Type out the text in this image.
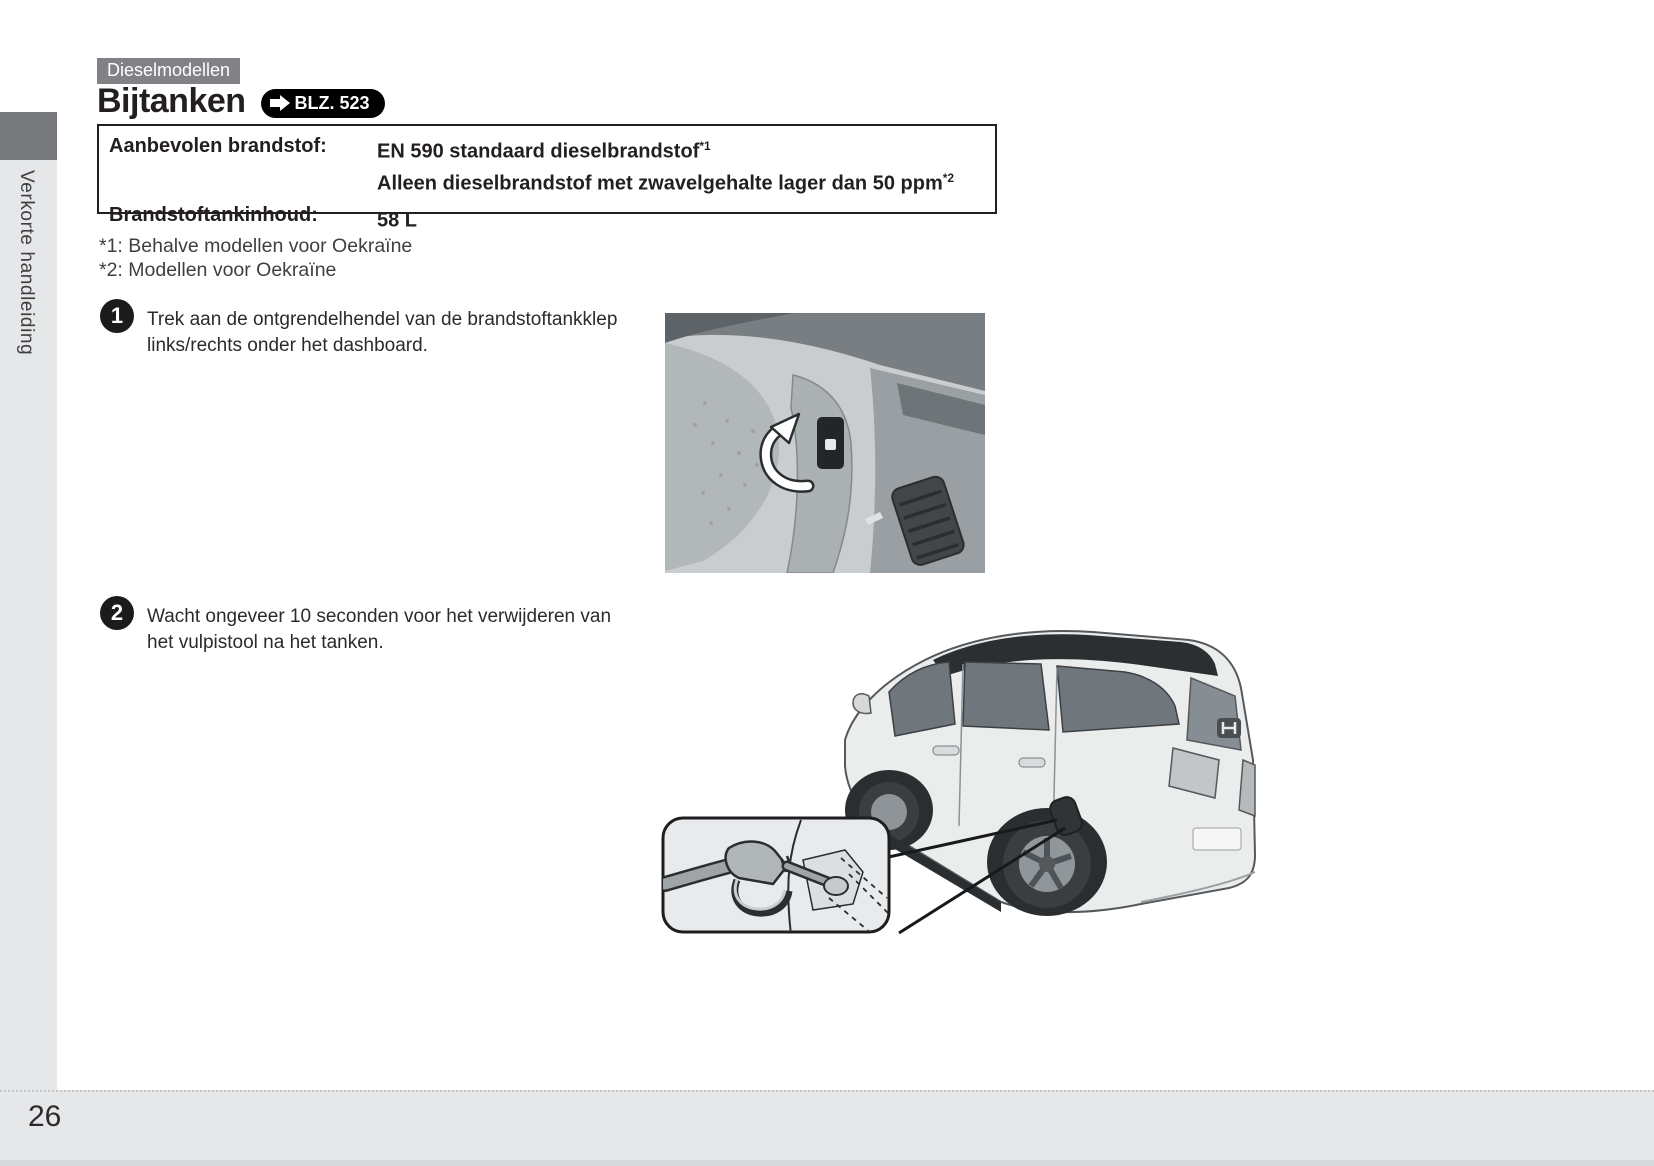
Verkorte handleiding
Dieselmodellen
Bijtanken	BLZ. 523
Aanbevolen brandstof:	EN 590 standaard dieselbrandstof$^{*1}$
Alleen dieselbrandstof met zwavelgehalte lager dan 50 ppm$^{*2}$
Brandstoftankinhoud:	58 L
*1: Behalve modellen voor Oekraïne
*2: Modellen voor Oekraïne
1	Trek aan de ontgrendelhendel van de brandstoftankklep links/rechts onder het dashboard.
2	Wacht ongeveer 10 seconden voor het verwijderen van het vulpistool na het tanken.
26
